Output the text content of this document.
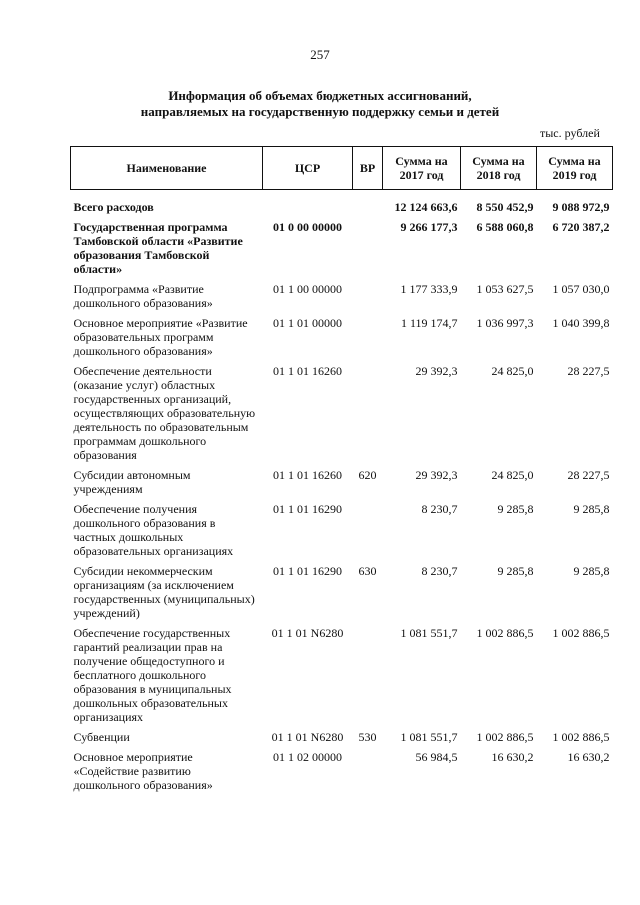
257
Информация об объемах бюджетных ассигнований,
направляемых на государственную поддержку семьи и детей
тыс. рублей
Наименование	ЦСР	ВР	Сумма на 2017 год	Сумма на 2018 год	Сумма на 2019 год

Всего расходов			12 124 663,6	8 550 452,9	9 088 972,9
Государственная программа Тамбовской области «Развитие образования Тамбовской области»	01 0 00 00000		9 266 177,3	6 588 060,8	6 720 387,2
Подпрограмма «Развитие дошкольного образования»	01 1 00 00000		1 177 333,9	1 053 627,5	1 057 030,0
Основное мероприятие «Развитие образовательных программ дошкольного образования»	01 1 01 00000		1 119 174,7	1 036 997,3	1 040 399,8
Обеспечение деятельности (оказание услуг) областных государственных организаций, осуществляющих образовательную деятельность по образовательным программам дошкольного образования	01 1 01 16260		29 392,3	24 825,0	28 227,5
Субсидии автономным учреждениям	01 1 01 16260	620	29 392,3	24 825,0	28 227,5
Обеспечение получения дошкольного образования в частных дошкольных образовательных организациях	01 1 01 16290		8 230,7	9 285,8	9 285,8
Субсидии некоммерческим организациям (за исключением государственных (муниципальных) учреждений)	01 1 01 16290	630	8 230,7	9 285,8	9 285,8
Обеспечение государственных гарантий реализации прав на получение общедоступного и бесплатного дошкольного образования в муниципальных дошкольных образовательных организациях	01 1 01 N6280		1 081 551,7	1 002 886,5	1 002 886,5
Субвенции	01 1 01 N6280	530	1 081 551,7	1 002 886,5	1 002 886,5
Основное мероприятие «Содействие развитию дошкольного образования»	01 1 02 00000		56 984,5	16 630,2	16 630,2
